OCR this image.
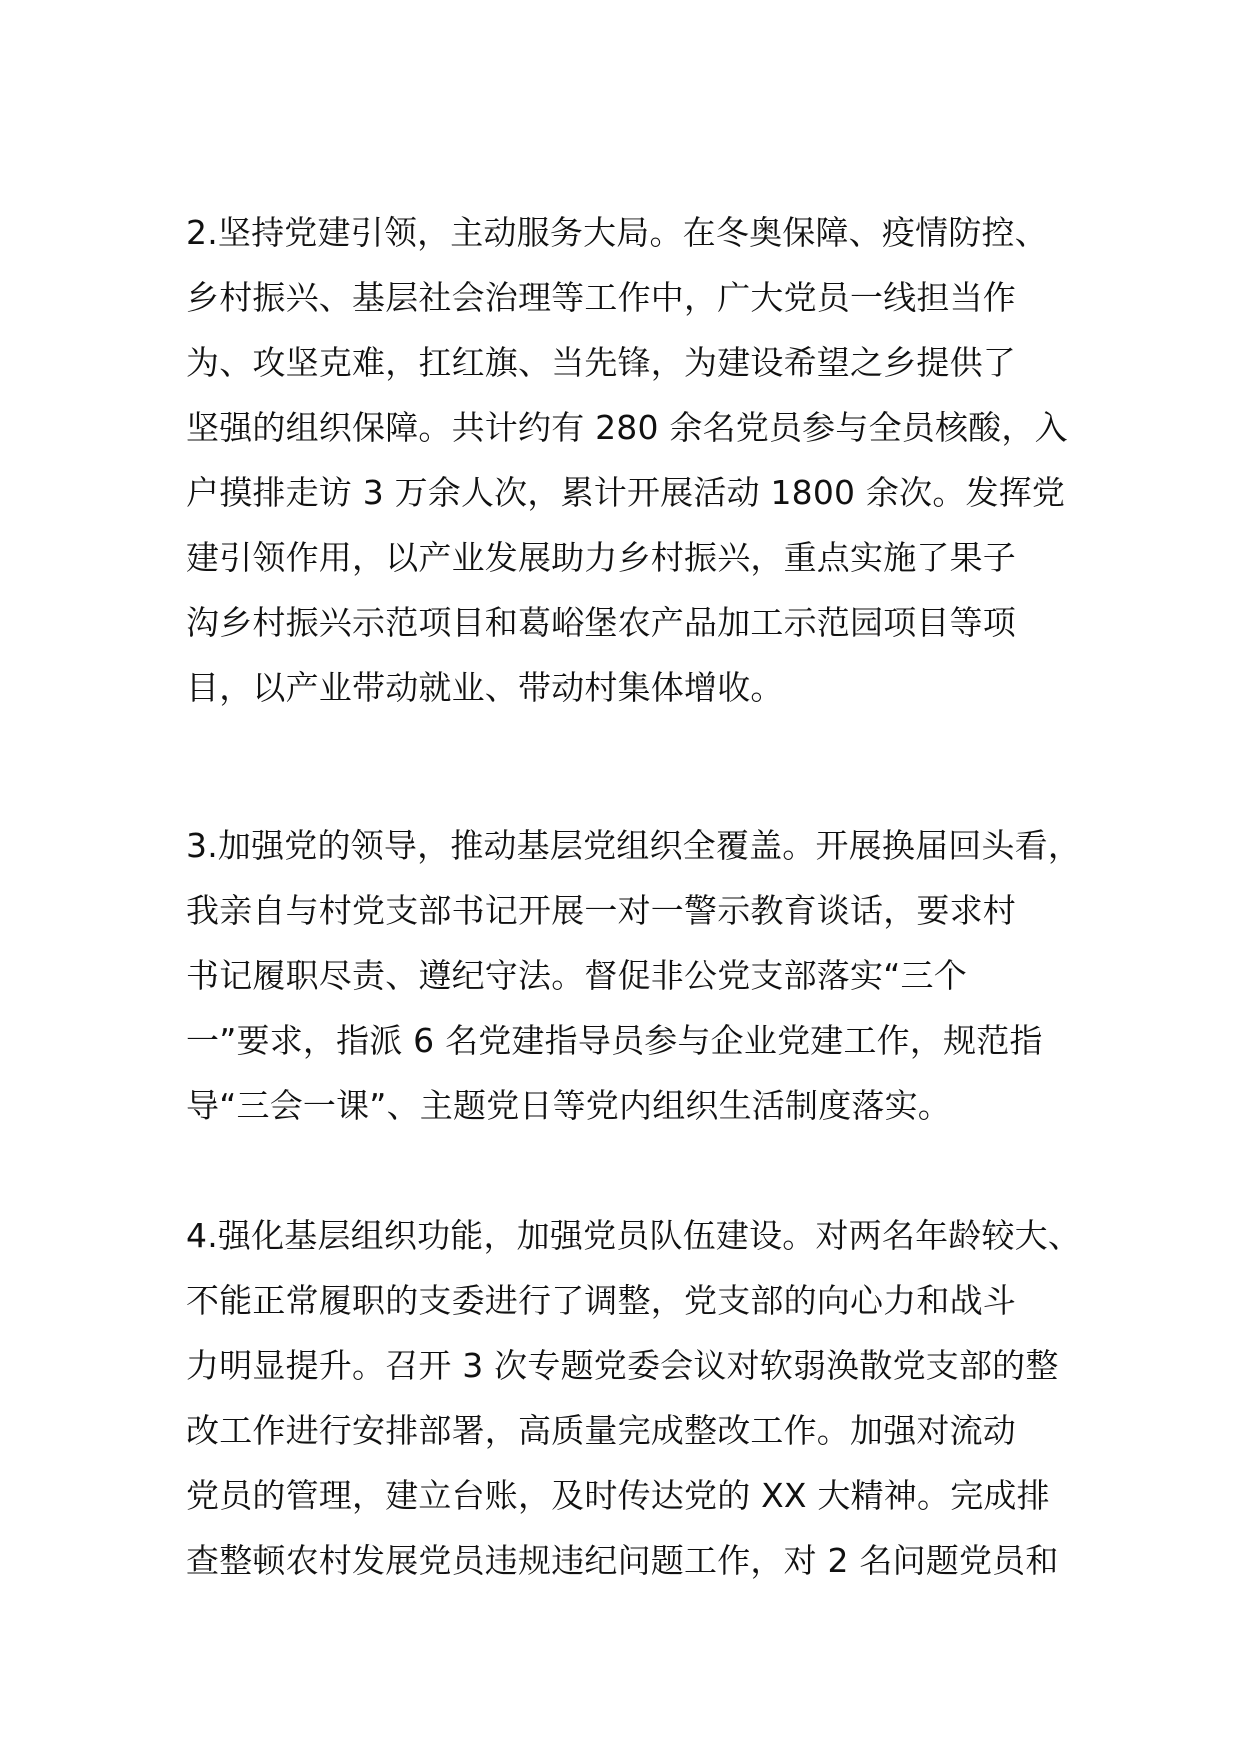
2.坚持党建引领，主动服务大局。在冬奥保障、疫情防控、
乡村振兴、基层社会治理等工作中，广大党员一线担当作
为、攻坚克难，扛红旗、当先锋，为建设希望之乡提供了
坚强的组织保障。共计约有 280 余名党员参与全员核酸，入
户摸排走访 3 万余人次，累计开展活动 1800 余次。发挥党
建引领作用，以产业发展助力乡村振兴，重点实施了果子
沟乡村振兴示范项目和葛峪堡农产品加工示范园项目等项
目，以产业带动就业、带动村集体增收。
3.加强党的领导，推动基层党组织全覆盖。开展换届回头看，
我亲自与村党支部书记开展一对一警示教育谈话，要求村
书记履职尽责、遵纪守法。督促非公党支部落实“三个
一”要求，指派 6 名党建指导员参与企业党建工作，规范指
导“三会一课”、主题党日等党内组织生活制度落实。
4.强化基层组织功能，加强党员队伍建设。对两名年龄较大、
不能正常履职的支委进行了调整，党支部的向心力和战斗
力明显提升。召开 3 次专题党委会议对软弱涣散党支部的整
改工作进行安排部署，高质量完成整改工作。加强对流动
党员的管理，建立台账，及时传达党的 XX 大精神。完成排
查整顿农村发展党员违规违纪问题工作，对 2 名问题党员和
